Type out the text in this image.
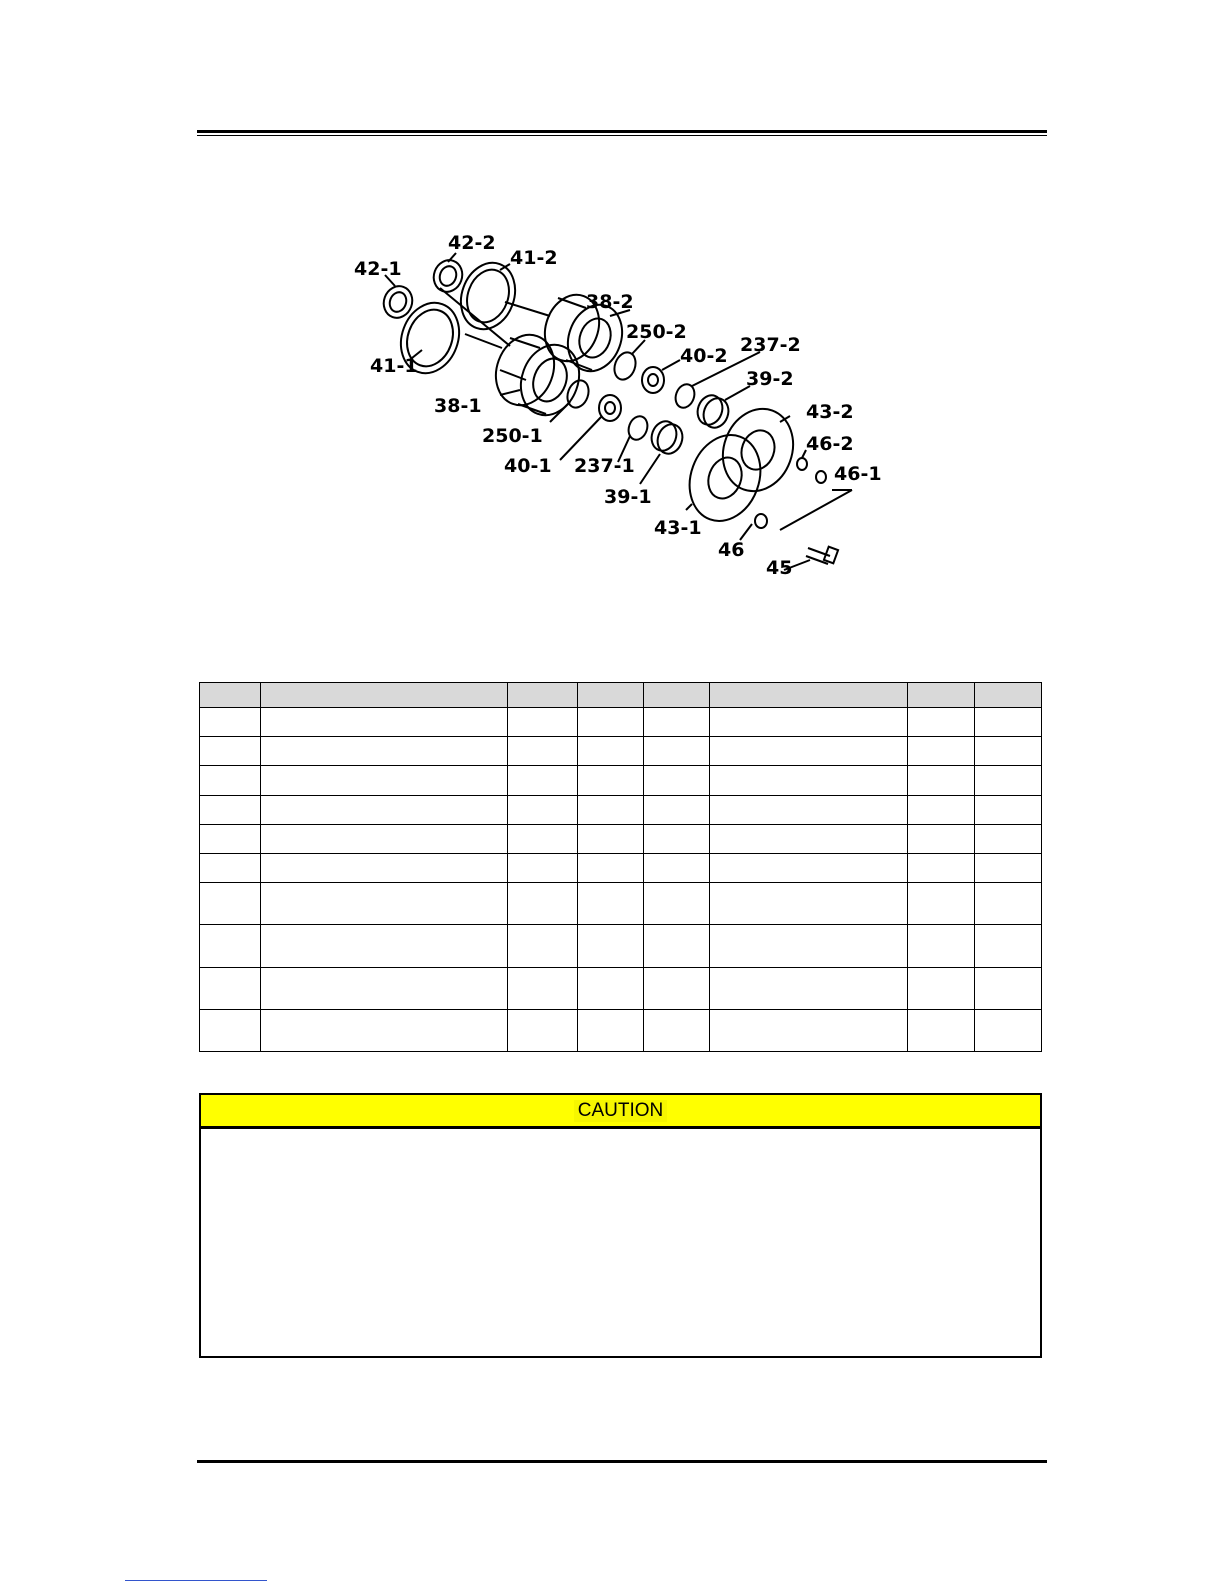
42-2
41-2
42-1
38-2
41-1
250-2
40-2 237-2
38-1
39-2
43-2
250-1	46-2
40-1 237-1	46-1
39-1
43-1
46
45

CAUTION
